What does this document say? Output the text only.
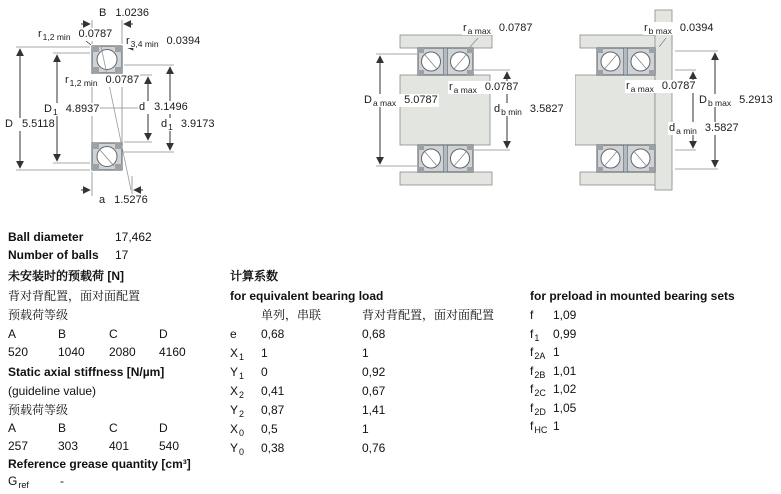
B 1.0236
$r_{1,2 min}$ 0.0787
$r_{3,4 min}$ 0.0394
$r_{1,2 min}$ 0.0787
$D_1$ 4.8937	d 3.1496
D 5.5118	$d_1$ 3.9173
a 1.5276
$r_{a max}$ 0.0787
$r_{a max}$ 0.0787
$D_{a max}$ 5.0787
$d_{b min}$ 3.5827
$r_{b max}$ 0.0394
$r_{a max}$ 0.0787
$D_{b max}$ 5.2913
$d_{a min}$ 3.5827
Ball diameter	17,462
Number of balls 17
未安装时的预载荷 [N]
背对背配置，面对面配置
预载荷等级
A	B	C	D
520 1040 2080 4160
Static axial stiffness [N/µm]
(guideline value)
预载荷等级
A	B	C	D
257 303	401 540
Reference grease quantity [cm³]
$G_{ref}$	-
计算系数
for equivalent bearing load
单列，串联	背对背配置，面对面配置
e 0,68	0,68
$X_1$ 1	1
$Y_1$ 0	0,92
$X_2$ 0,41	0,67
$Y_2$ 0,87	1,41
$X_0$ 0,5	1
$Y_0$ 0,38	0,76
for preload in mounted bearing sets
f 1,09
$f_1$ 0,99
$f_{2A}$ 1
$f_{2B}$ 1,01
$f_{2C}$ 1,02
$f_{2D}$ 1,05
$f_{HC}$ 1
